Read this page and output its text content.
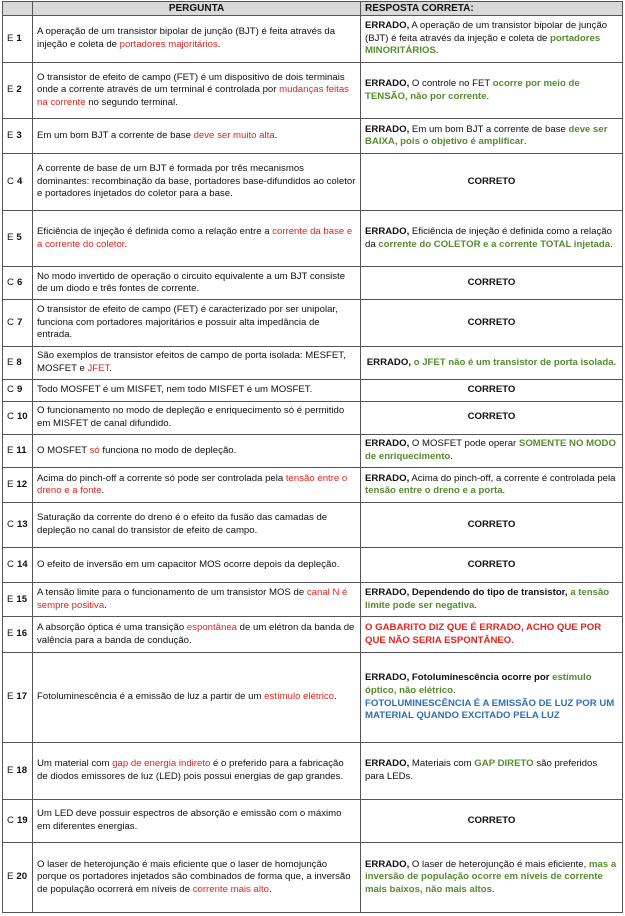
	PERGUNTA	RESPOSTA CORRETA:
E 1	A operação de um transistor bipolar de junção (BJT) é feita através da injeção e coleta de portadores majoritários.	ERRADO, A operação de um transistor bipolar de junção (BJT) é feita através da injeção e coleta de portadores MINORITÁRIOS.
E 2	O transistor de efeito de campo (FET) é um dispositivo de dois terminais onde a corrente através de um terminal é controlada por mudanças feitas na corrente no segundo terminal.	ERRADO, O controle no FET ocorre por meio de TENSÃO, não por corrente.
E 3	Em um bom BJT a corrente de base deve ser muito alta.	ERRADO, Em um bom BJT a corrente de base deve ser BAIXA, pois o objetivo é amplificar.
C 4	A corrente de base de um BJT é formada por três mecanismos dominantes: recombinação da base, portadores base-difundidos ao coletor e portadores injetados do coletor para a base.	CORRETO
E 5	Eficiência de injeção é definida como a relação entre a corrente da base e a corrente do coletor.	ERRADO, Eficiência de injeção é definida como a relação da corrente do COLETOR e a corrente TOTAL injetada.
C 6	No modo invertido de operação o circuito equivalente a um BJT consiste de um diodo e três fontes de corrente.	CORRETO
C 7	O transistor de efeito de campo (FET) é caracterizado por ser unipolar, funciona com portadores majoritários e possuir alta impedância de entrada.	CORRETO
E 8	São exemplos de transistor efeitos de campo de porta isolada: MESFET, MOSFET e JFET.	ERRADO, o JFET não é um transistor de porta isolada.
C 9	Todo MOSFET é um MISFET, nem todo MISFET é um MOSFET.	CORRETO
C 10	O funcionamento no modo de depleção e enriquecimento só é permitido em MISFET de canal difundido.	CORRETO
E 11	O MOSFET só funciona no modo de depleção.	ERRADO, O MOSFET pode operar SOMENTE NO MODO de enriquecimento.
E 12	Acima do pinch-off a corrente só pode ser controlada pela tensão entre o dreno e a fonte.	ERRADO, Acima do pinch-off, a corrente é controlada pela tensão entre o dreno e a porta.
C 13	Saturação da corrente do dreno é o efeito da fusão das camadas de depleção no canal do transistor de efeito de campo.	CORRETO
C 14	O efeito de inversão em um capacitor MOS ocorre depois da depleção.	CORRETO
E 15	A tensão limite para o funcionamento de um transistor MOS de canal N é sempre positiva.	ERRADO, Dependendo do tipo de transistor, a tensão limite pode ser negativa.
E 16	A absorção óptica é uma transição espontânea de um elétron da banda de valência para a banda de condução.	O GABARITO DIZ QUE É ERRADO, ACHO QUE POR QUE NÃO SERIA ESPONTÂNEO.
E 17	Fotoluminescência é a emissão de luz a partir de um estímulo elétrico.	ERRADO, Fotoluminescência ocorre por estímulo óptico, não elétrico.
FOTOLUMINESCÊNCIA É A EMISSÃO DE LUZ POR UM MATERIAL QUANDO EXCITADO PELA LUZ
E 18	Um material com gap de energia indireto é o preferido para a fabricação de diodos emissores de luz (LED) pois possui energias de gap grandes.	ERRADO, Materiais com GAP DIRETO são preferidos para LEDs.
C 19	Um LED deve possuir espectros de absorção e emissão com o máximo em diferentes energias.	CORRETO
E 20	O laser de heterojunção é mais eficiente que o laser de homojunção porque os portadores injetados são combinados de forma que, a inversão de população ocorrerá em níveis de corrente mais alto.	ERRADO, O laser de heterojunção é mais eficiente, mas a inversão de população ocorre em níveis de corrente mais baixos, não mais altos.
